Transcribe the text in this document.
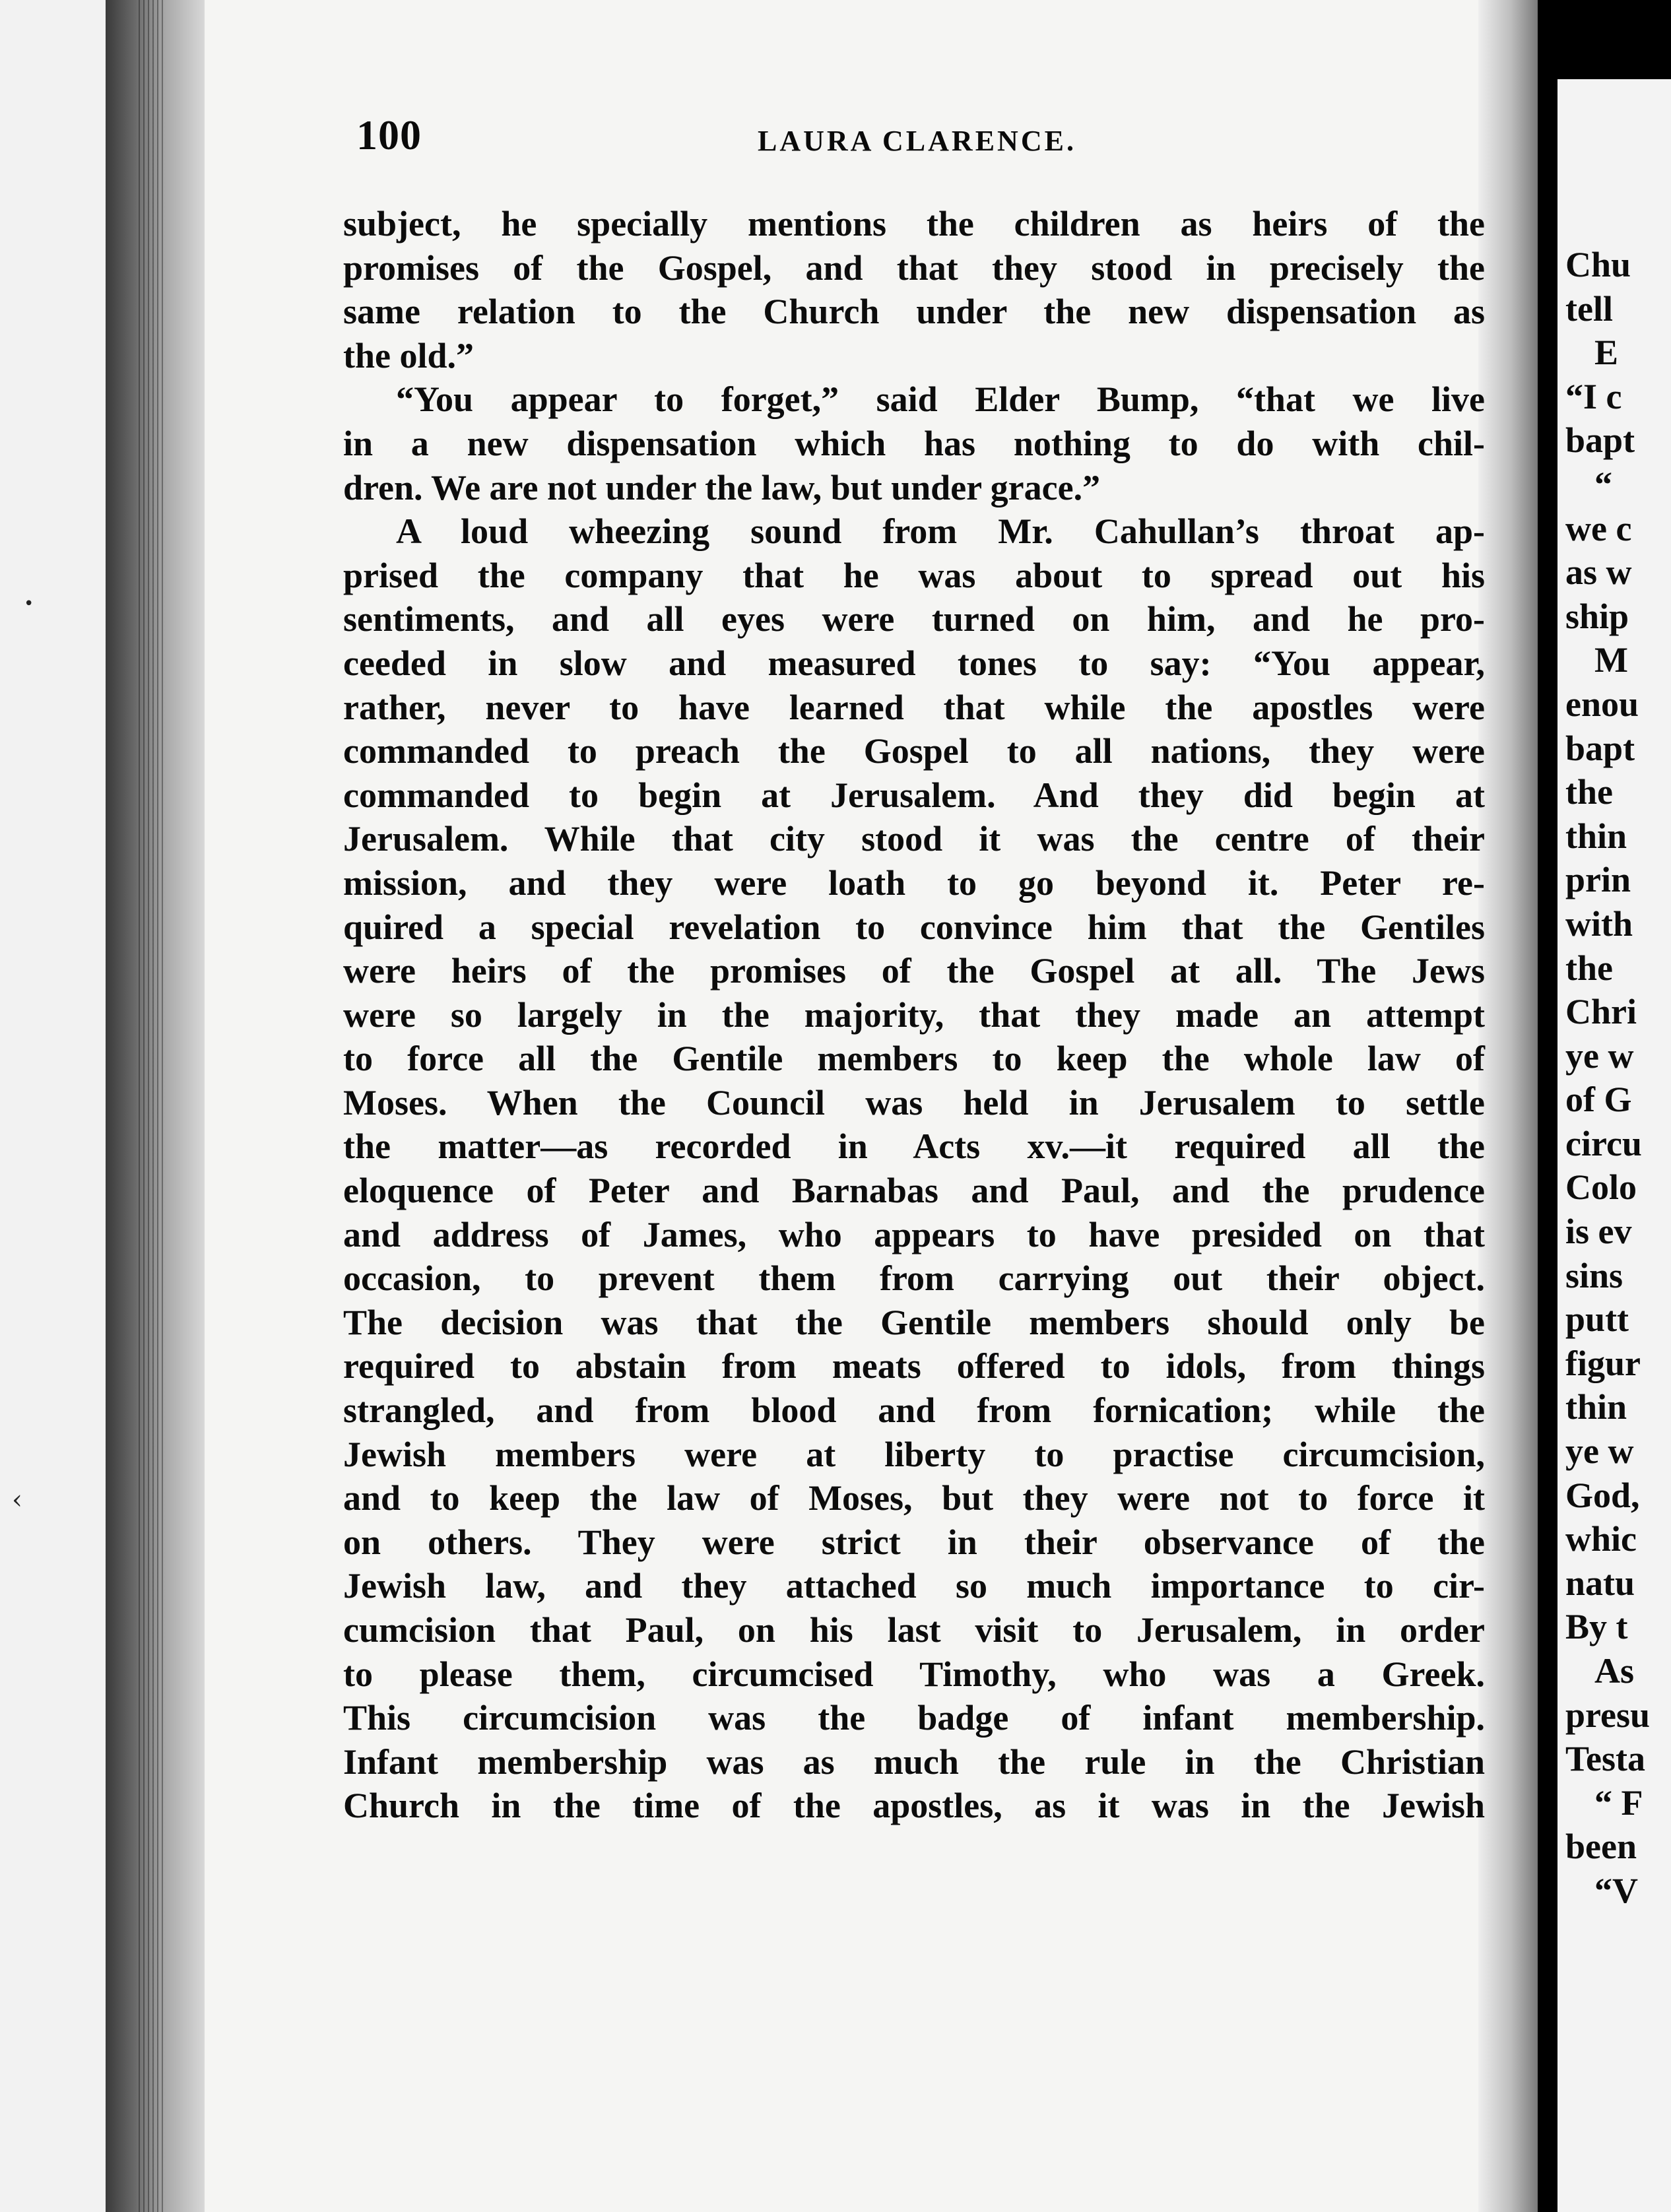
•
‹
100	LAURA CLARENCE.
subject, he specially mentions the children as heirs of the
promises of the Gospel, and that they stood in precisely the
same relation to the Church under the new dispensation as
the old.”
“You appear to forget,” said Elder Bump, “that we live
in a new dispensation which has nothing to do with chil-
dren. We are not under the law, but under grace.”
A loud wheezing sound from Mr. Cahullan’s throat ap-
prised the company that he was about to spread out his
sentiments, and all eyes were turned on him, and he pro-
ceeded in slow and measured tones to say: “You appear,
rather, never to have learned that while the apostles were
commanded to preach the Gospel to all nations, they were
commanded to begin at Jerusalem. And they did begin at
Jerusalem. While that city stood it was the centre of their
mission, and they were loath to go beyond it. Peter re-
quired a special revelation to convince him that the Gentiles
were heirs of the promises of the Gospel at all. The Jews
were so largely in the majority, that they made an attempt
to force all the Gentile members to keep the whole law of
Moses. When the Council was held in Jerusalem to settle
the matter—as recorded in Acts xv.—it required all the
eloquence of Peter and Barnabas and Paul, and the prudence
and address of James, who appears to have presided on that
occasion, to prevent them from carrying out their object.
The decision was that the Gentile members should only be
required to abstain from meats offered to idols, from things
strangled, and from blood and from fornication; while the
Jewish members were at liberty to practise circumcision,
and to keep the law of Moses, but they were not to force it
on others. They were strict in their observance of the
Jewish law, and they attached so much importance to cir-
cumcision that Paul, on his last visit to Jerusalem, in order
to please them, circumcised Timothy, who was a Greek.
This circumcision was the badge of infant membership.
Infant membership was as much the rule in the Christian
Church in the time of the apostles, as it was in the Jewish
Chu
tell
E
“I c
bapt
“
we c
as w
ship
M
enou
bapt
the
thin
prin
with
the
Chri
ye w
of G
circu
Colo
is ev
sins
putt
figur
thin
ye w
God,
whic
natu
By t
As
presu
Testa
“ F
been
“V
